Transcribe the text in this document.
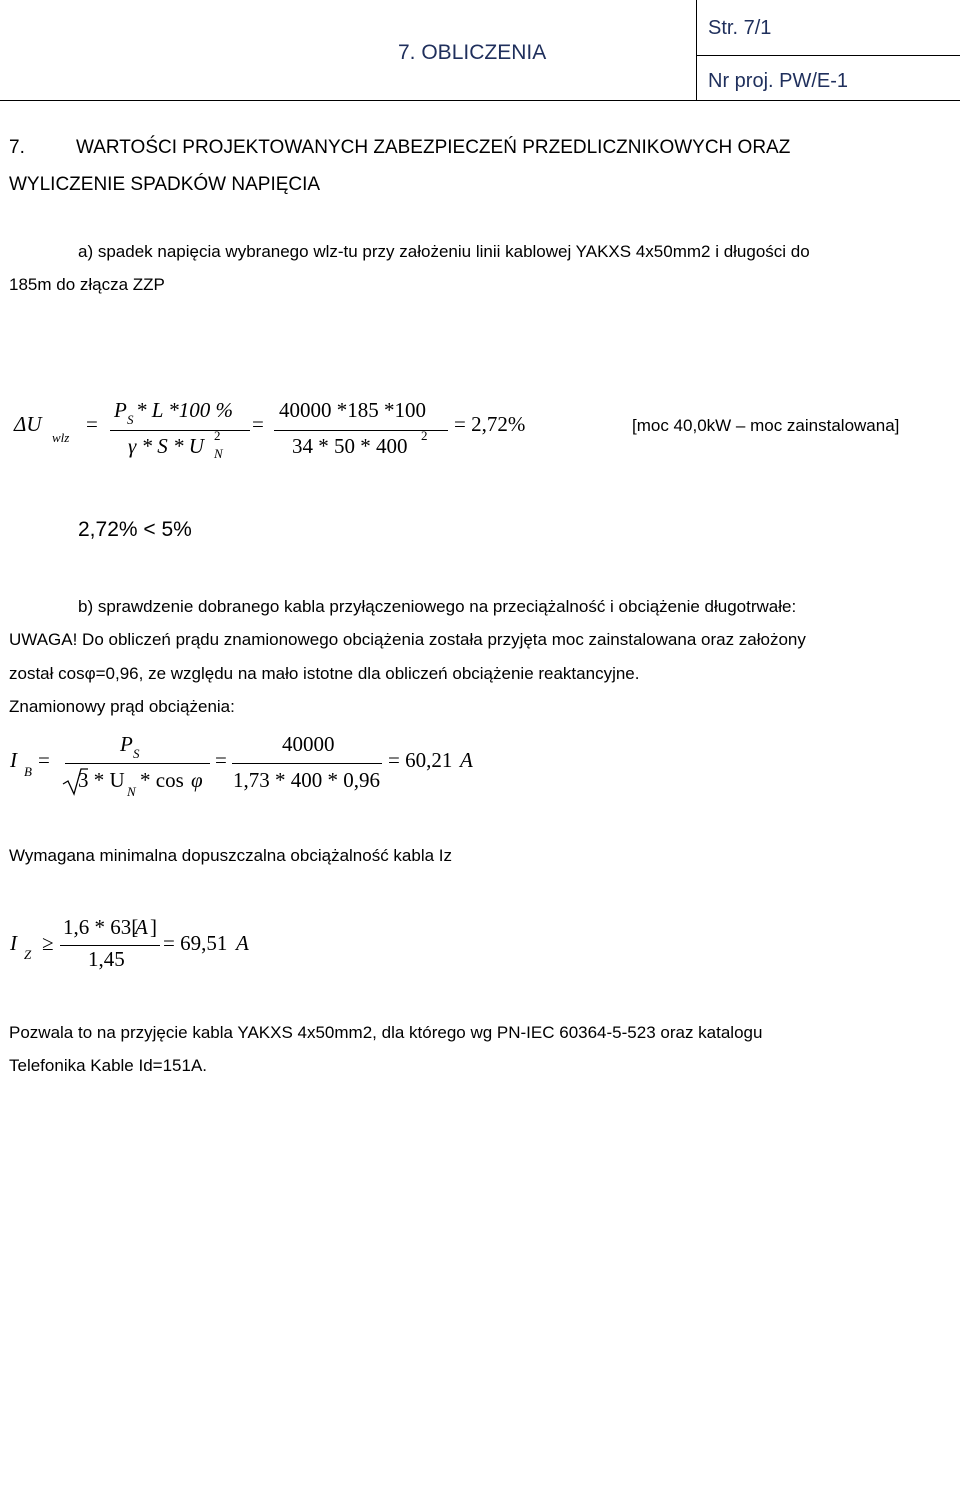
7. OBLICZENIA
Str. 7/1
Nr proj. PW/E-1
7.	WARTOŚCI PROJEKTOWANYCH ZABEZPIECZEŃ PRZEDLICZNIKOWYCH ORAZ
WYLICZENIE SPADKÓW NAPIĘCIA
a) spadek napięcia wybranego wlz-tu przy założeniu linii kablowej YAKXS 4x50mm2 i długości do
185m do złącza ZZP
ΔU
wlz
=
P S * L *100 %
γ * S * U 2
N
=
40000 *185 *100
34 * 50 * 400 2 = 2,72%	[moc 40,0kW – moc zainstalowana]
2,72% < 5%
b) sprawdzenie dobranego kabla przyłączeniowego na przeciążalność i obciążenie długotrwałe:
UWAGA! Do obliczeń prądu znamionowego obciążenia została przyjęta moc zainstalowana oraz założony
został cosφ=0,96, ze względu na mało istotne dla obliczeń obciążenie reaktancyjne.
Znamionowy prąd obciążenia:
I B =
P S
3 * U N * cos φ
=
40000
1,73 * 400 * 0,96
= 60,21 A
Wymagana minimalna dopuszczalna obciążalność kabla Iz
I Z ≥
1,6 * 63[
A ]
1,45
= 69,51 A
Pozwala to na przyjęcie kabla YAKXS 4x50mm2, dla którego wg PN-IEC 60364-5-523 oraz katalogu
Telefonika Kable Id=151A.
